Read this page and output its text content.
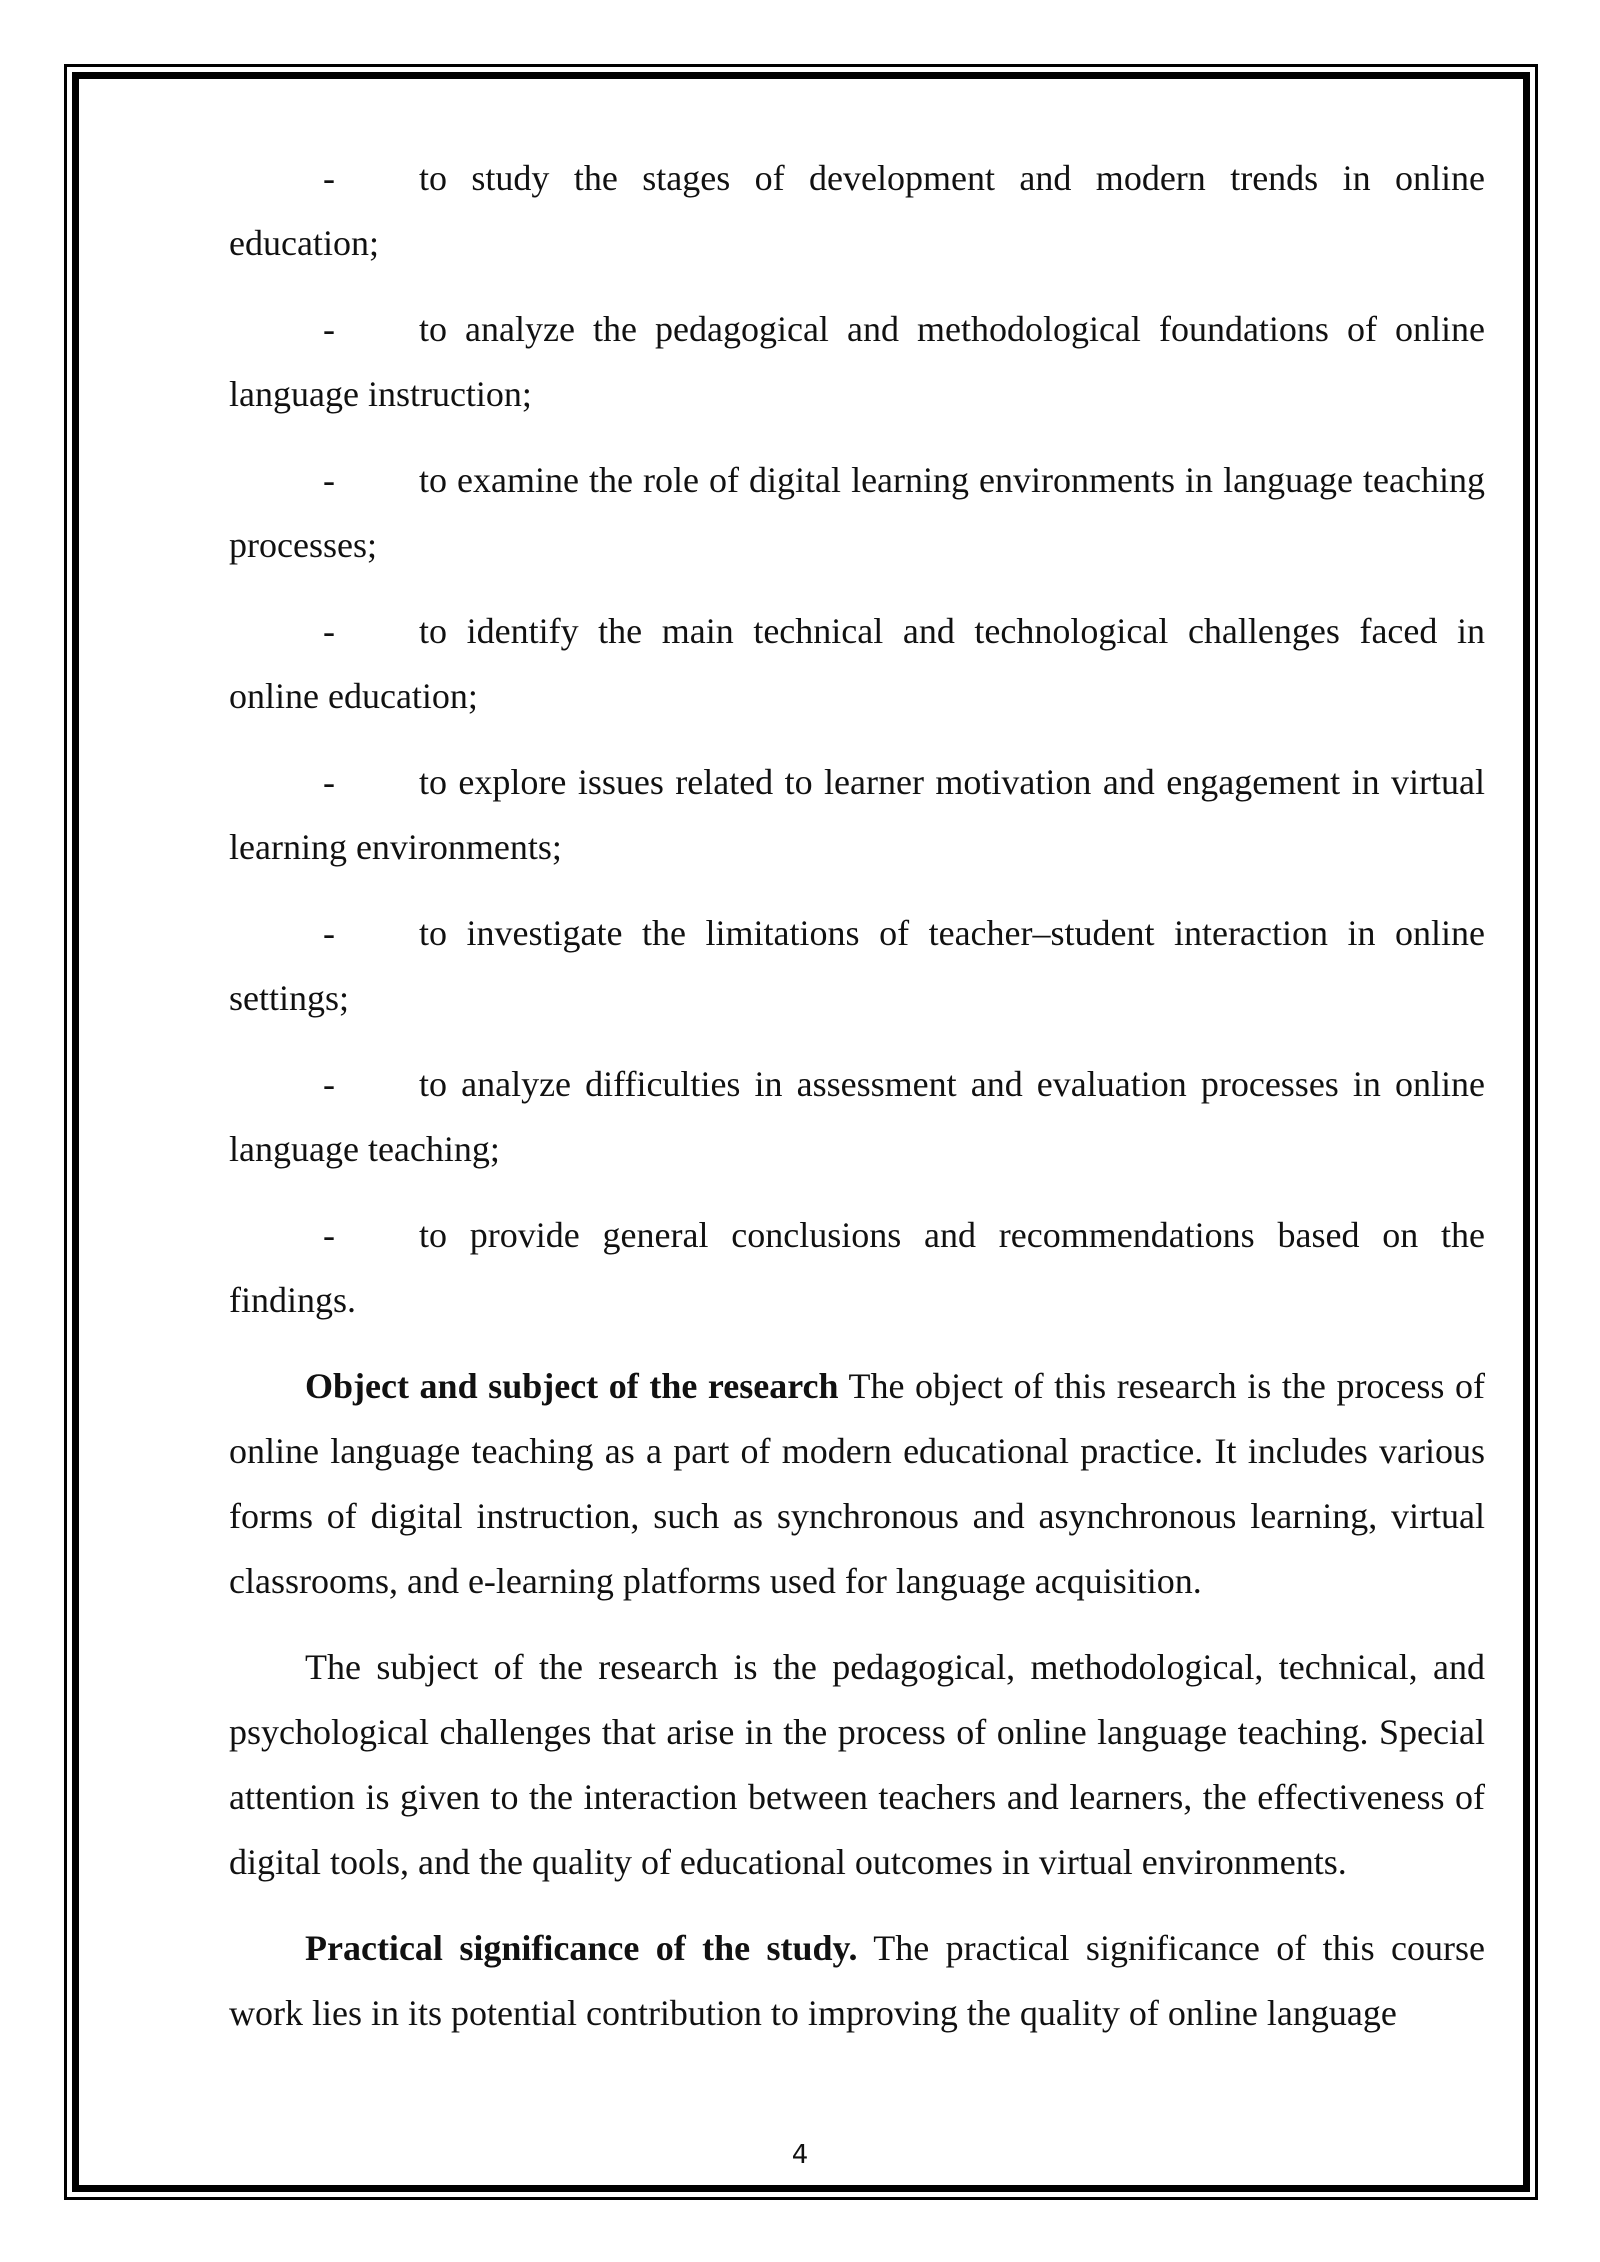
- to study the stages of development and modern trends in online education;
- to analyze the pedagogical and methodological foundations of online language instruction;
- to examine the role of digital learning environments in language teaching processes;
- to identify the main technical and technological challenges faced in online education;
- to explore issues related to learner motivation and engagement in virtual learning environments;
- to investigate the limitations of teacher–student interaction in online settings;
- to analyze difficulties in assessment and evaluation processes in online language teaching;
- to provide general conclusions and recommendations based on the findings.

Object and subject of the research The object of this research is the process of online language teaching as a part of modern educational practice. It includes various forms of digital instruction, such as synchronous and asynchronous learning, virtual classrooms, and e-learning platforms used for language acquisition.

The subject of the research is the pedagogical, methodological, technical, and psychological challenges that arise in the process of online language teaching. Special attention is given to the interaction between teachers and learners, the effectiveness of digital tools, and the quality of educational outcomes in virtual environments.

Practical significance of the study. The practical significance of this course work lies in its potential contribution to improving the quality of online language

4
